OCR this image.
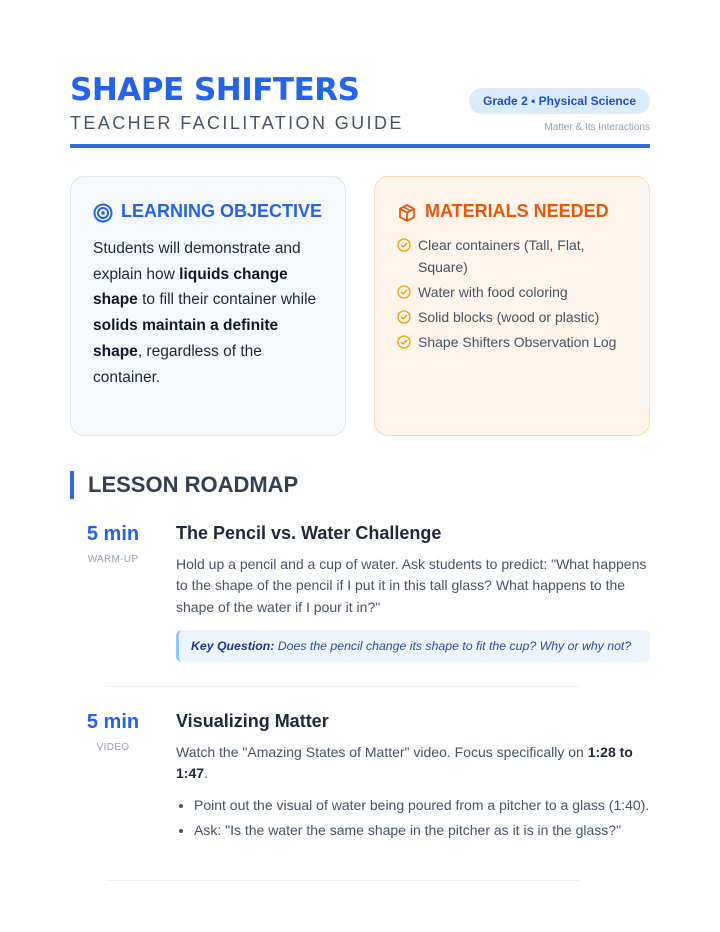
SHAPE SHIFTERS
TEACHER FACILITATION GUIDE
Grade 2 • Physical Science
Matter & Its Interactions
LEARNING OBJECTIVE

Students will demonstrate and explain how liquids change shape to fill their container while solids maintain a definite shape, regardless of the container.

MATERIALS NEEDED
Clear containers (Tall, Flat, Square)
Water with food coloring
Solid blocks (wood or plastic)
Shape Shifters Observation Log
LESSON ROADMAP
5 min
WARM-UP
The Pencil vs. Water Challenge

Hold up a pencil and a cup of water. Ask students to predict: "What happens to the shape of the pencil if I put it in this tall glass? What happens to the shape of the water if I pour it in?"

Key Question: Does the pencil change its shape to fit the cup? Why or why not?
5 min
VIDEO
Visualizing Matter

Watch the "Amazing States of Matter" video. Focus specifically on 1:28 to 1:47.

• Point out the visual of water being poured from a pitcher to a glass (1:40).
• Ask: "Is the water the same shape in the pitcher as it is in the glass?"
